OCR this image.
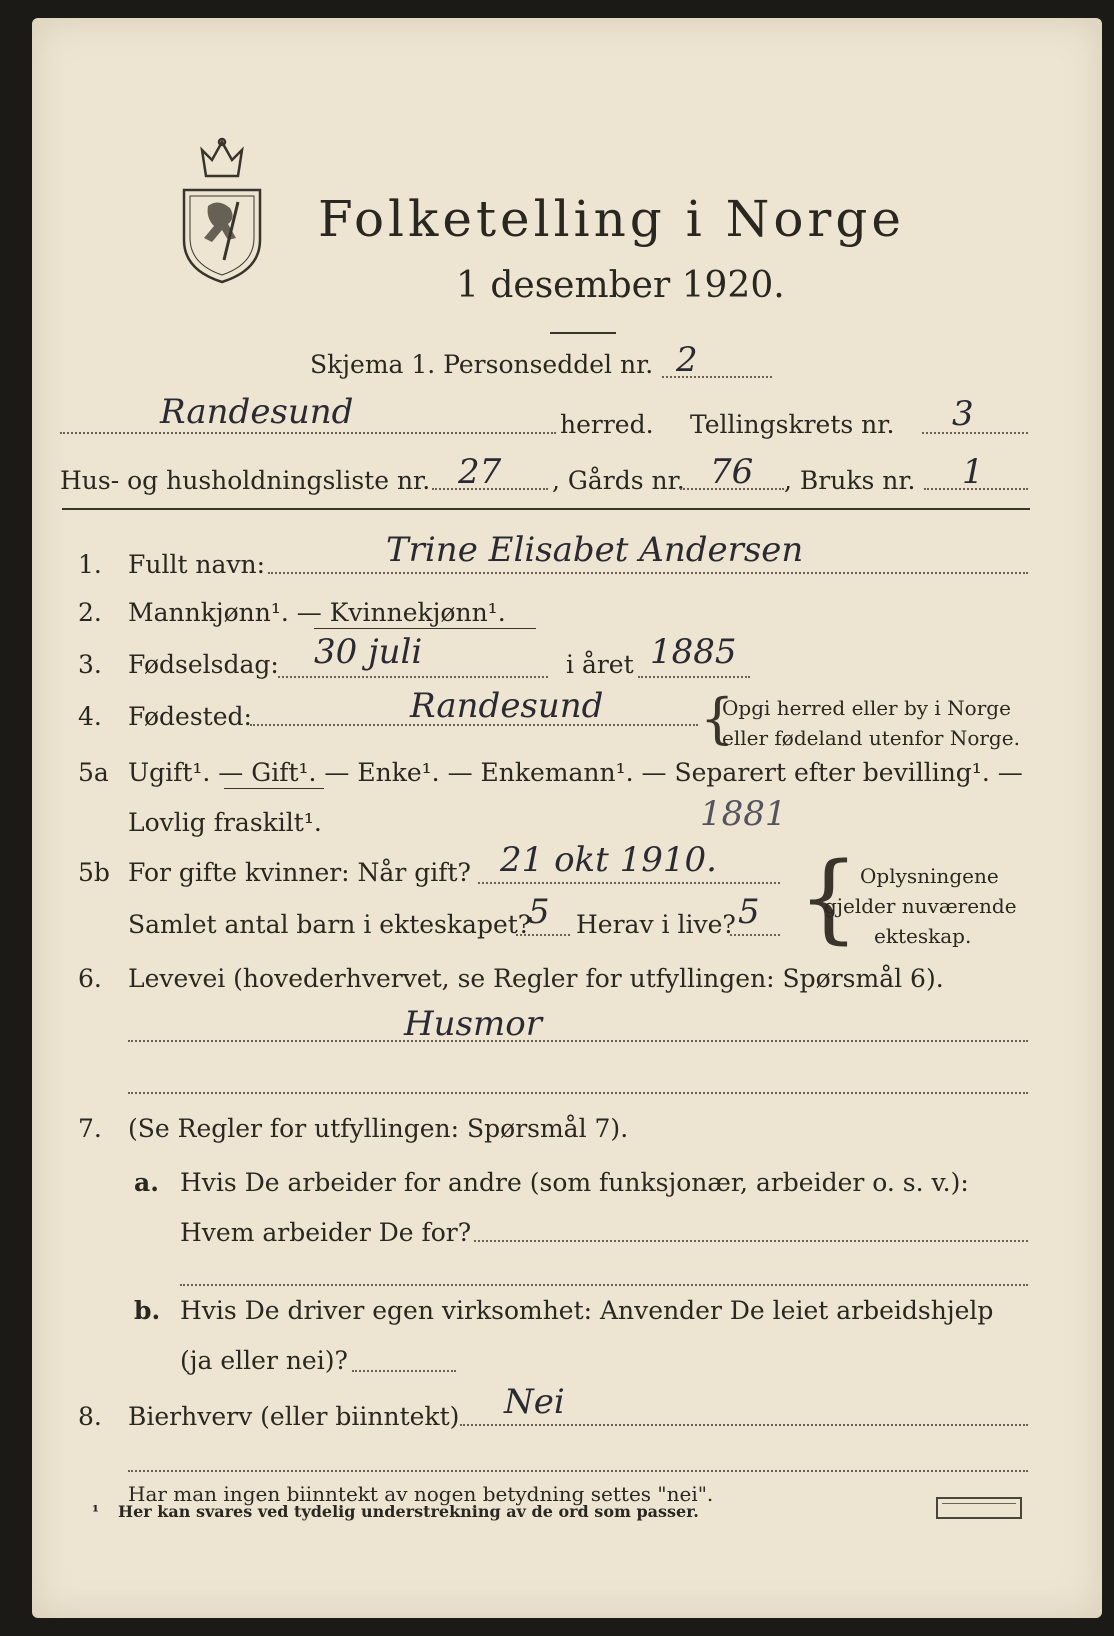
Folketelling i Norge
1 desember 1920.
Skjema 1. Personseddel nr. 2
Randesund	herred. Tellingskrets nr. 3
Hus- og husholdningsliste nr. 27 , Gårds nr. 76 , Bruks nr. 1
1. Fullt navn:	Trine Elisabet Andersen
2. Mannkjønn¹. — Kvinnekjønn¹.
3. Fødselsdag: 30 juli	i året 1885
4. Fødested:	Randesund {
Opgi herred eller by i Norge
eller fødeland utenfor Norge.
5a Ugift¹. — Gift¹. — Enke¹. — Enkemann¹. — Separert efter bevilling¹. —
Lovlig fraskilt¹.	1881
5b For gifte kvinner: Når gift? 21 okt 1910.
Samlet antal barn i ekteskapet?
5 Herav i live? 5 { Oplysningene
gjelder nuværende
ekteskap.
6. Levevei (hovederhvervet, se Regler for utfyllingen: Spørsmål 6).
Husmor
7. (Se Regler for utfyllingen: Spørsmål 7).
a. Hvis De arbeider for andre (som funksjonær, arbeider o. s. v.):
Hvem arbeider De for?
b. Hvis De driver egen virksomhet: Anvender De leiet arbeidshjelp
(ja eller nei)?
8. Bierhverv (eller biinntekt) Nei
Har man ingen biinntekt av nogen betydning settes "nei".
¹ Her kan svares ved tydelig understrekning av de ord som passer.
